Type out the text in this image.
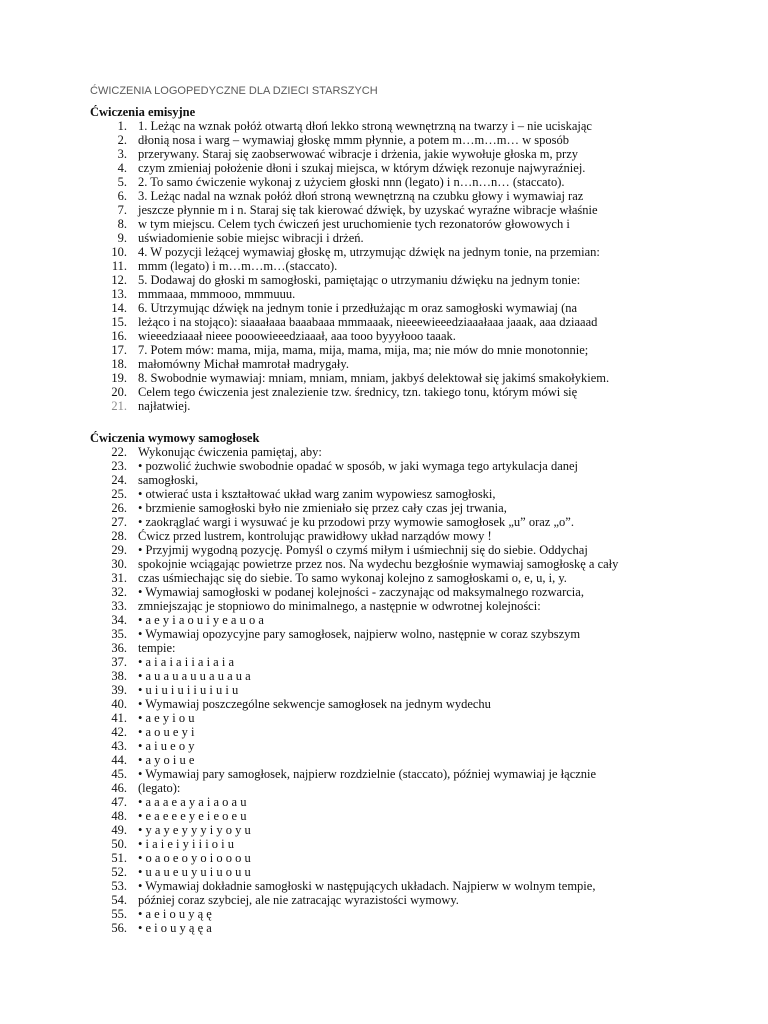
ĆWICZENIA LOGOPEDYCZNE DLA DZIECI STARSZYCH
Ćwiczenia emisyjne
1. 1. Leżąc na wznak połóż otwartą dłoń lekko stroną wewnętrzną na twarzy i – nie uciskając
2. dłonią nosa i warg – wymawiaj głoskę mmm płynnie, a potem m…m…m… w sposób
3. przerywany. Staraj się zaobserwować wibracje i drżenia, jakie wywołuje głoska m, przy
4. czym zmieniaj położenie dłoni i szukaj miejsca, w którym dźwięk rezonuje najwyraźniej.
5. 2. To samo ćwiczenie wykonaj z użyciem głoski nnn (legato) i n…n…n… (staccato).
6. 3. Leżąc nadal na wznak połóż dłoń stroną wewnętrzną na czubku głowy i wymawiaj raz
7. jeszcze płynnie m i n. Staraj się tak kierować dźwięk, by uzyskać wyraźne wibracje właśnie
8. w tym miejscu. Celem tych ćwiczeń jest uruchomienie tych rezonatorów głowowych i
9. uświadomienie sobie miejsc wibracji i drżeń.
10. 4. W pozycji leżącej wymawiaj głoskę m, utrzymując dźwięk na jednym tonie, na przemian:
11. mmm (legato) i m…m…m…(staccato).
12. 5. Dodawaj do głoski m samogłoski, pamiętając o utrzymaniu dźwięku na jednym tonie:
13. mmmaaa, mmmooo, mmmuuu.
14. 6. Utrzymując dźwięk na jednym tonie i przedłużając m oraz samogłoski wymawiaj (na
15. leżąco i na stojąco): siaaałaaa baaabaaa mmmaaak, nieeewieeedziaaałaaa jaaak, aaa dziaaad
16. wieeedziaaał nieee pooowieeedziaaał, aaa tooo byyyłooo taaak.
17. 7. Potem mów: mama, mija, mama, mija, mama, mija, ma; nie mów do mnie monotonnie;
18. małomówny Michał mamrotał madrygały.
19. 8. Swobodnie wymawiaj: mniam, mniam, mniam, jakbyś delektował się jakimś smakołykiem.
20. Celem tego ćwiczenia jest znalezienie tzw. średnicy, tzn. takiego tonu, którym mówi się
21. najłatwiej.
Ćwiczenia wymowy samogłosek
22. Wykonując ćwiczenia pamiętaj, aby:
23. • pozwolić żuchwie swobodnie opadać w sposób, w jaki wymaga tego artykulacja danej
24. samogłoski,
25. • otwierać usta i kształtować układ warg zanim wypowiesz samogłoski,
26. • brzmienie samogłoski było nie zmieniało się przez cały czas jej trwania,
27. • zaokrąglać wargi i wysuwać je ku przodowi przy wymowie samogłosek „u” oraz „o”.
28. Ćwicz przed lustrem, kontrolując prawidłowy układ narządów mowy !
29. • Przyjmij wygodną pozycję. Pomyśl o czymś miłym i uśmiechnij się do siebie. Oddychaj
30. spokojnie wciągając powietrze przez nos. Na wydechu bezgłośnie wymawiaj samogłoskę a cały
31. czas uśmiechając się do siebie. To samo wykonaj kolejno z samogłoskami o, e, u, i, y.
32. • Wymawiaj samogłoski w podanej kolejności - zaczynając od maksymalnego rozwarcia,
33. zmniejszając je stopniowo do minimalnego, a następnie w odwrotnej kolejności:
34. • a e y i a o u i y e a u o a
35. • Wymawiaj opozycyjne pary samogłosek, najpierw wolno, następnie w coraz szybszym
36. tempie:
37. • a i a i a i i a i a i a
38. • a u a u a u u a u a u a
39. • u i u i u i i u i u i u
40. • Wymawiaj poszczególne sekwencje samogłosek na jednym wydechu
41. • a e y i o u
42. • a o u e y i
43. • a i u e o y
44. • a y o i u e
45. • Wymawiaj pary samogłosek, najpierw rozdzielnie (staccato), później wymawiaj je łącznie
46. (legato):
47. • a a a e a y a i a o a u
48. • e a e e e y e i e o e u
49. • y a y e y y y i y o y u
50. • i a i e i y i i i o i u
51. • o a o e o y o i o o o u
52. • u a u e u y u i u o u u
53. • Wymawiaj dokładnie samogłoski w następujących układach. Najpierw w wolnym tempie,
54. później coraz szybciej, ale nie zatracając wyrazistości wymowy.
55. • a e i o u y ą ę
56. • e i o u y ą ę a
